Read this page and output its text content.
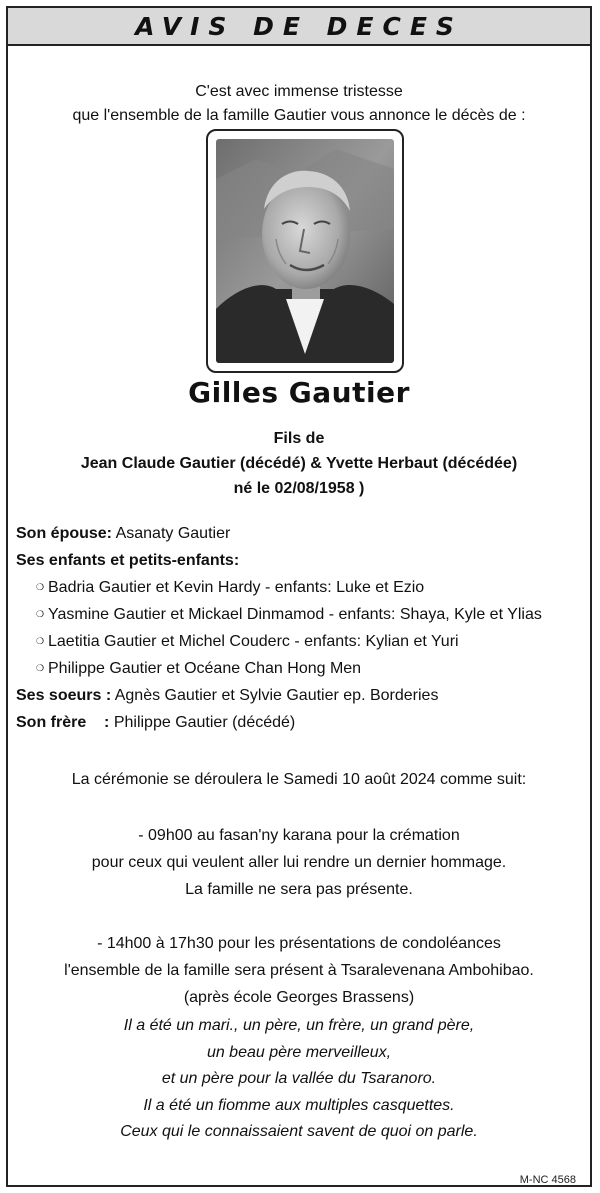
AVIS DE DECES
C'est avec immense tristesse
que l'ensemble de la famille Gautier vous annonce le décès de :
Gilles Gautier
Fils de
Jean Claude Gautier (décédé) & Yvette Herbaut (décédée)
né le 02/08/1958 )
Son épouse: Asanaty Gautier
Ses enfants et petits-enfants:
❍ Badria Gautier et Kevin Hardy - enfants: Luke et Ezio
❍ Yasmine Gautier et Mickael Dinmamod - enfants: Shaya, Kyle et Ylias
❍ Laetitia Gautier et Michel Couderc - enfants: Kylian et Yuri
❍ Philippe Gautier et Océane Chan Hong Men
Ses soeurs : Agnès Gautier et Sylvie Gautier ep. Borderies
Son frère    : Philippe Gautier (décédé)
La cérémonie se déroulera le Samedi 10 août 2024 comme suit:
- 09h00 au fasan'ny karana pour la crémation
pour ceux qui veulent aller lui rendre un dernier hommage.
La famille ne sera pas présente.
- 14h00 à 17h30 pour les présentations de condoléances
l'ensemble de la famille sera présent à Tsaralevenana Ambohibao.
(après école Georges Brassens)
Il a été un mari., un père, un frère, un grand père,
un beau père merveilleux,
et un père pour la vallée du Tsaranoro.
Il a été un fiomme aux multiples casquettes.
Ceux qui le connaissaient savent de quoi on parle.
M-NC 4568
